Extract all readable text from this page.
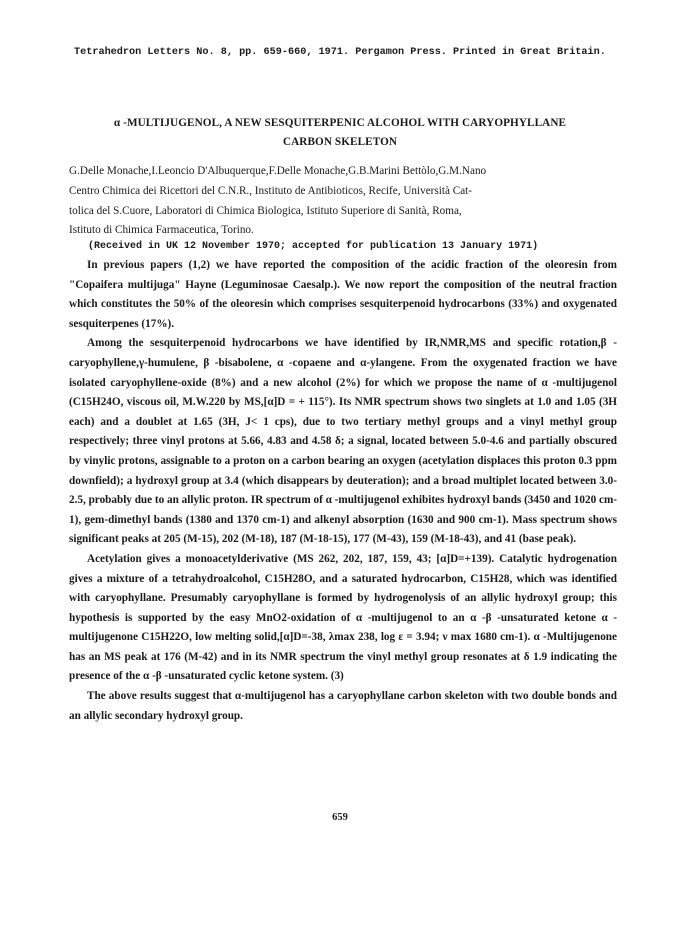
Tetrahedron Letters No. 8, pp. 659-660, 1971. Pergamon Press. Printed in Great Britain.
α -MULTIJUGENOL, A NEW SESQUITERPENIC ALCOHOL WITH CARYOPHYLLANE
CARBON SKELETON
G.Delle Monache,I.Leoncio D'Albuquerque,F.Delle Monache,G.B.Marini Bettòlo,G.M.Nano
Centro Chimica dei Ricettori del C.N.R., Instituto de Antibioticos, Recife, Università Cat-
tolica del S.Cuore, Laboratori di Chimica Biologica, Istituto Superiore di Sanità, Roma,
Istituto di Chimica Farmaceutica, Torino.
(Received in UK 12 November 1970; accepted for publication 13 January 1971)

In previous papers (1,2) we have reported the composition of the acidic fraction of the oleoresin from "Copaifera multijuga" Hayne (Leguminosae Caesalp.). We now report the composition of the neutral fraction which constitutes the 50% of the oleoresin which comprises sesquiterpenoid hydrocarbons (33%) and oxygenated sesquiterpenes (17%).

Among the sesquiterpenoid hydrocarbons we have identified by IR,NMR,MS and specific rotation,β -caryophyllene,γ-humulene, β -bisabolene, α -copaene and α-ylangene. From the oxygenated fraction we have isolated caryophyllene-oxide (8%) and a new alcohol (2%) for which we propose the name of α -multijugenol (C15H24O, viscous oil, M.W.220 by MS,[α]D = + 115°). Its NMR spectrum shows two singlets at 1.0 and 1.05 (3H each) and a doublet at 1.65 (3H, J< 1 cps), due to two tertiary methyl groups and a vinyl methyl group respectively; three vinyl protons at 5.66, 4.83 and 4.58 δ; a signal, located between 5.0-4.6 and partially obscured by vinylic protons, assignable to a proton on a carbon bearing an oxygen (acetylation displaces this proton 0.3 ppm downfield); a hydroxyl group at 3.4 (which disappears by deuteration); and a broad multiplet located between 3.0-2.5, probably due to an allylic proton. IR spectrum of α -multijugenol exhibites hydroxyl bands (3450 and 1020 cm-1), gem-dimethyl bands (1380 and 1370 cm-1) and alkenyl absorption (1630 and 900 cm-1). Mass spectrum shows significant peaks at 205 (M-15), 202 (M-18), 187 (M-18-15), 177 (M-43), 159 (M-18-43), and 41 (base peak).

Acetylation gives a monoacetylderivative (MS 262, 202, 187, 159, 43; [α]D=+139). Catalytic hydrogenation gives a mixture of a tetrahydroalcohol, C15H28O, and a saturated hydrocarbon, C15H28, which was identified with caryophyllane. Presumably caryophyllane is formed by hydrogenolysis of an allylic hydroxyl group; this hypothesis is supported by the easy MnO2-oxidation of α -multijugenol to an α -β -unsaturated ketone α -multijugenone C15H22O, low melting solid,[α]D=-38, λmax 238, log ε = 3.94; ν max 1680 cm-1). α -Multijugenone has an MS peak at 176 (M-42) and in its NMR spectrum the vinyl methyl group resonates at δ 1.9 indicating the presence of the α -β -unsaturated cyclic ketone system. (3)

The above results suggest that α-multijugenol has a caryophyllane carbon skeleton with two double bonds and an allylic secondary hydroxyl group.

659
